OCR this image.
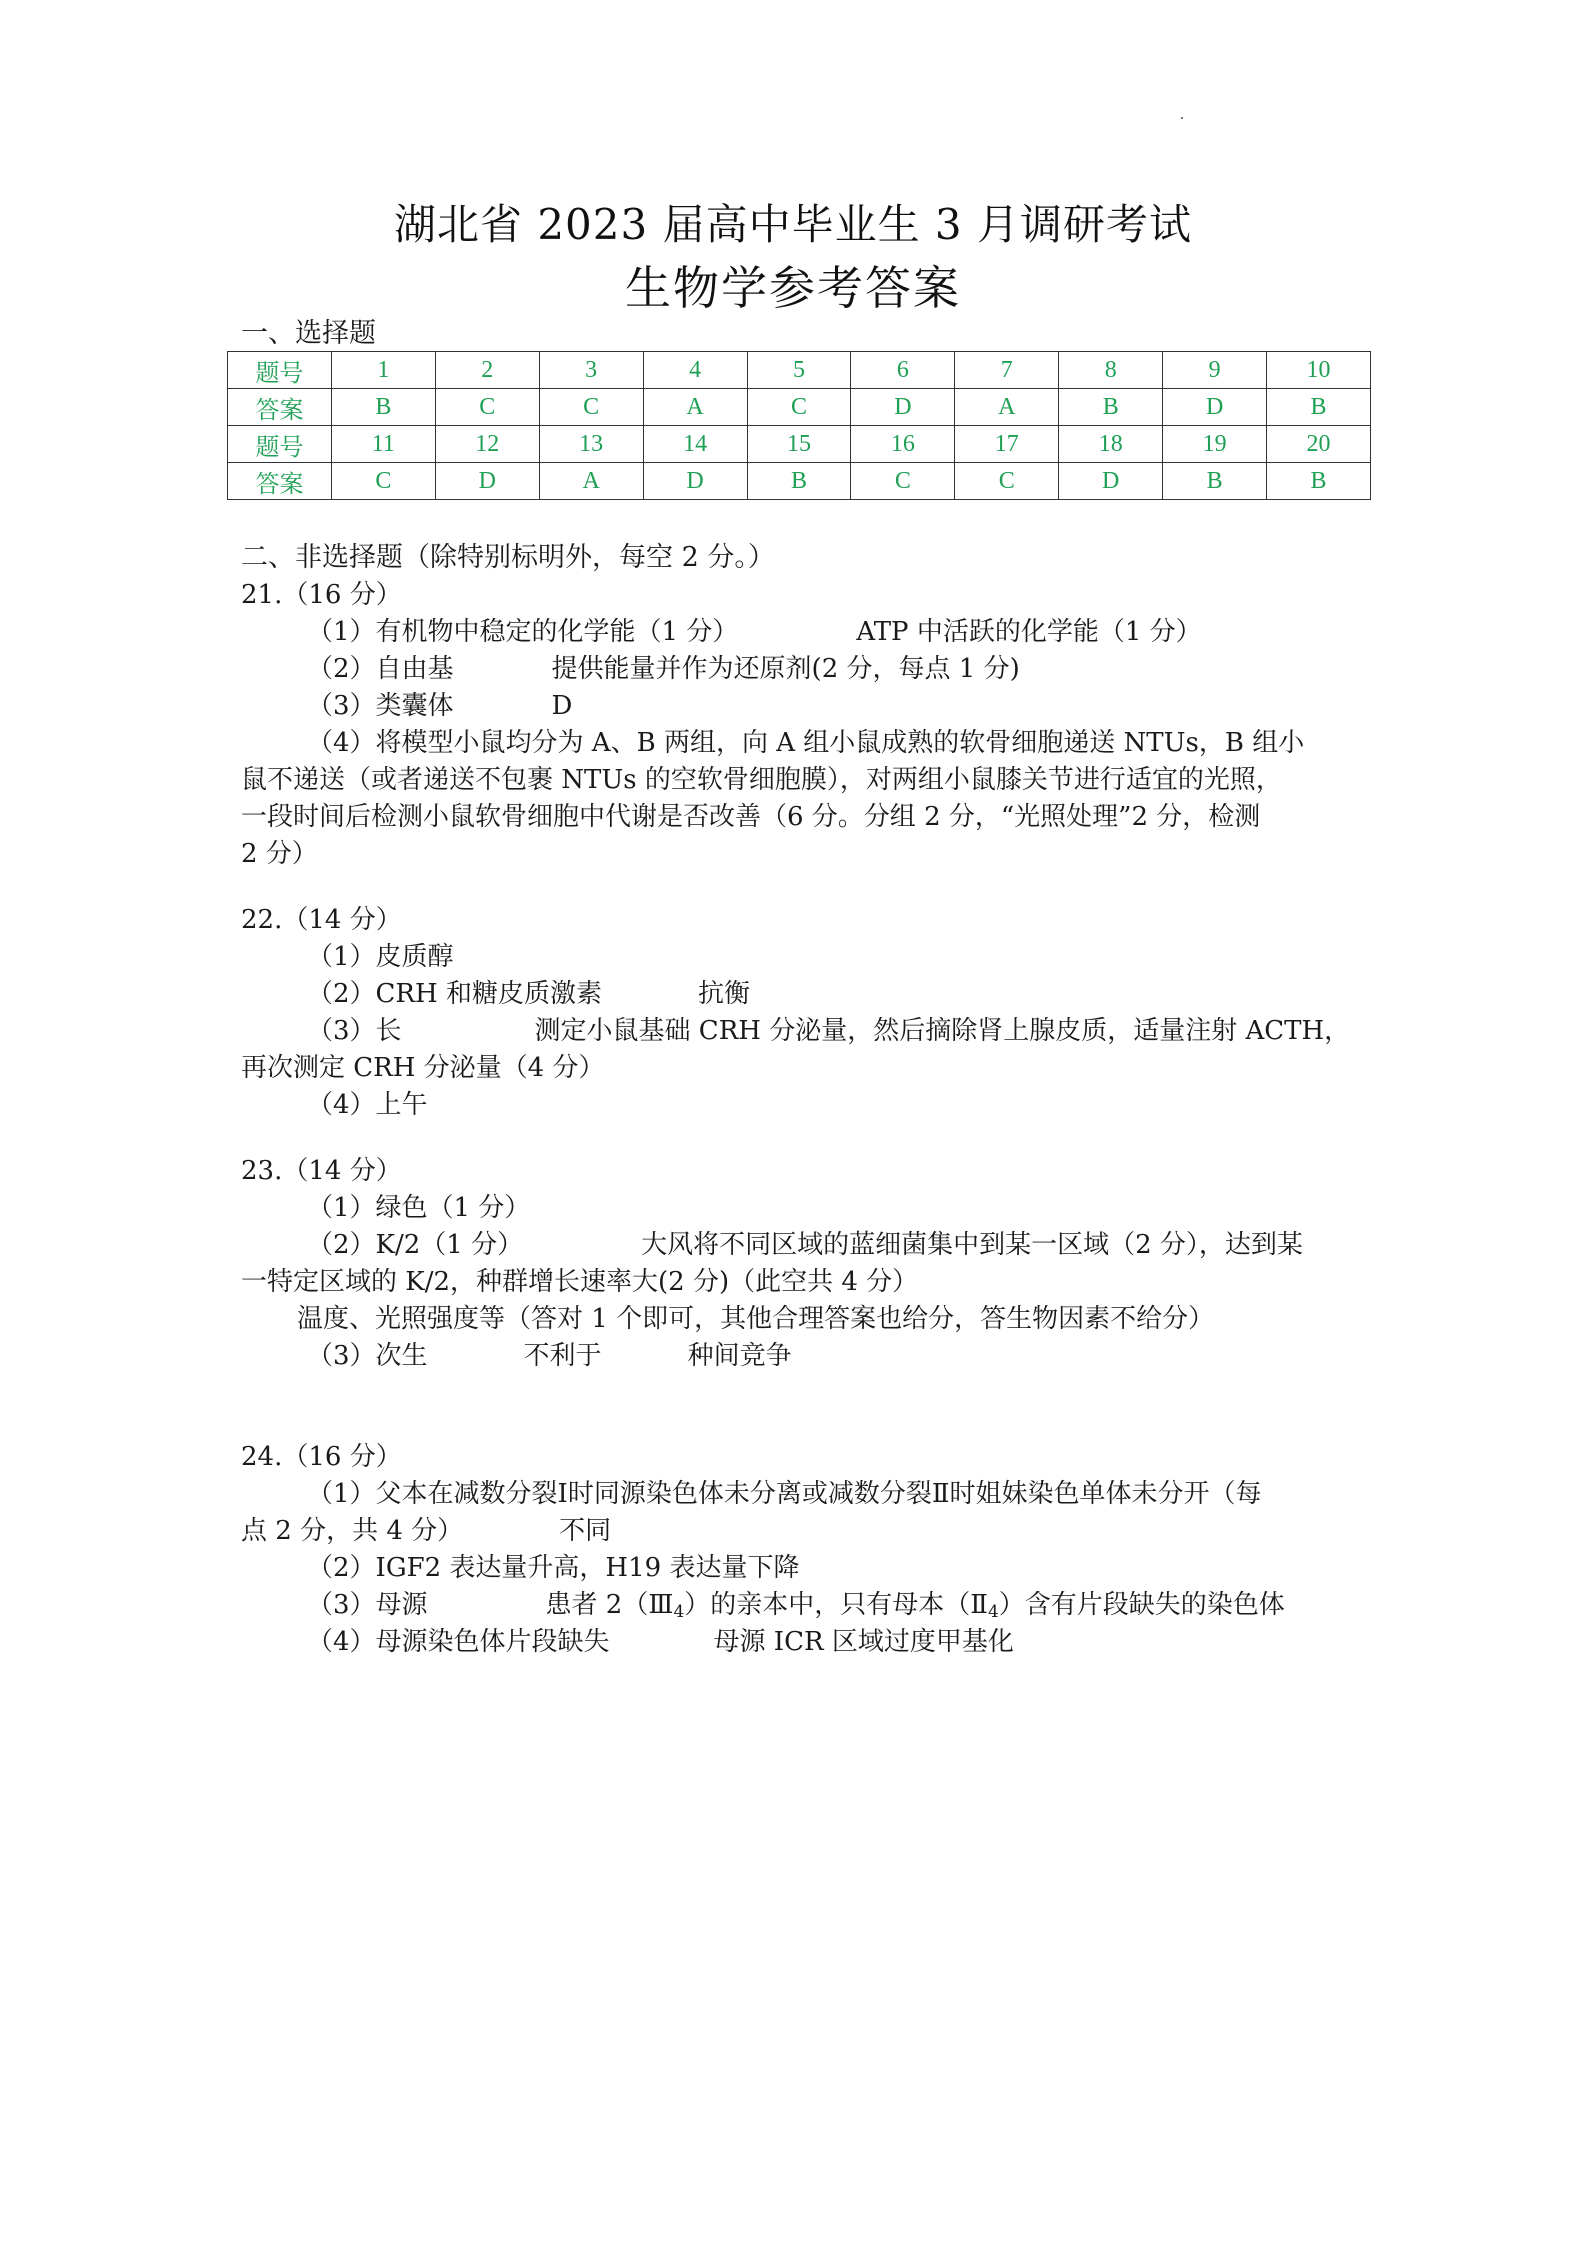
湖北省 2023 届高中毕业生 3 月调研考试
生物学参考答案
一、选择题
题号	1	2	3	4	5	6	7	8	9	10
答案	B	C	C	A	C	D	A	B	D	B
题号	11	12	13	14	15	16	17	18	19	20
答案	C	D	A	D	B	C	C	D	B	B
二、非选择题（除特别标明外，每空 2 分。）
21.（16 分）
（1）有机物中稳定的化学能（1 分）	ATP 中活跃的化学能（1 分）
（2）自由基	提供能量并作为还原剂(2 分，每点 1 分)
（3）类囊体	D
（4）将模型小鼠均分为 A、B 两组，向 A 组小鼠成熟的软骨细胞递送 NTUs，B 组小
鼠不递送（或者递送不包裹 NTUs 的空软骨细胞膜），对两组小鼠膝关节进行适宜的光照，
一段时间后检测小鼠软骨细胞中代谢是否改善（6 分。分组 2 分，“光照处理”2 分，检测
2 分）
22.（14 分）
（1）皮质醇
（2）CRH 和糖皮质激素	抗衡
（3）长	测定小鼠基础 CRH 分泌量，然后摘除肾上腺皮质，适量注射 ACTH，
再次测定 CRH 分泌量（4 分）
（4）上午
23.（14 分）
（1）绿色（1 分）
（2）K/2（1 分）	大风将不同区域的蓝细菌集中到某一区域（2 分），达到某
一特定区域的 K/2，种群增长速率大(2 分)（此空共 4 分）
温度、光照强度等（答对 1 个即可，其他合理答案也给分，答生物因素不给分）
（3）次生	不利于	种间竞争
24.（16 分）
（1）父本在减数分裂Ⅰ时同源染色体未分离或减数分裂Ⅱ时姐妹染色单体未分开（每
点 2 分，共 4 分）	不同
（2）IGF2 表达量升高，H19 表达量下降
（3）母源	患者 $2(Ⅲ_4)$的亲本中，只有母本$(Ⅱ_4)$含有片段缺失的染色体
（4）母源染色体片段缺失	母源 ICR 区域过度甲基化
